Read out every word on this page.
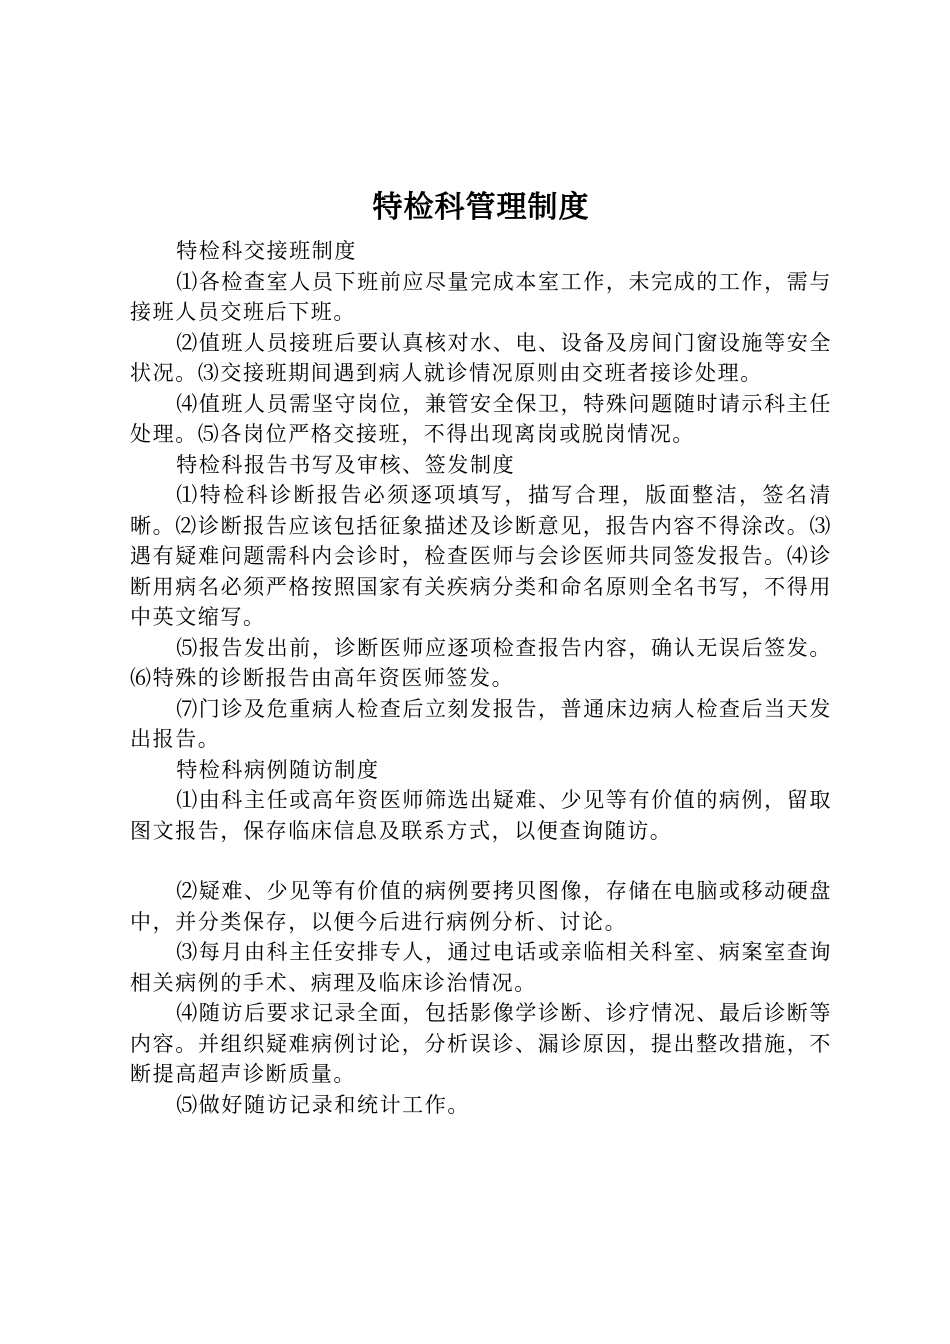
特检科管理制度

特检科交接班制度

⑴各检查室人员下班前应尽量完成本室工作，未完成的工作，需与接班人员交班后下班。

⑵值班人员接班后要认真核对水、电、设备及房间门窗设施等安全状况。⑶交接班期间遇到病人就诊情况原则由交班者接诊处理。

⑷值班人员需坚守岗位，兼管安全保卫，特殊问题随时请示科主任处理。⑸各岗位严格交接班，不得出现离岗或脱岗情况。

特检科报告书写及审核、签发制度

⑴特检科诊断报告必须逐项填写，描写合理，版面整洁，签名清晰。⑵诊断报告应该包括征象描述及诊断意见，报告内容不得涂改。⑶遇有疑难问题需科内会诊时，检查医师与会诊医师共同签发报告。⑷诊断用病名必须严格按照国家有关疾病分类和命名原则全名书写，不得用中英文缩写。

⑸报告发出前，诊断医师应逐项检查报告内容，确认无误后签发。⑹特殊的诊断报告由高年资医师签发。

⑺门诊及危重病人检查后立刻发报告，普通床边病人检查后当天发出报告。

特检科病例随访制度

⑴由科主任或高年资医师筛选出疑难、少见等有价值的病例，留取图文报告，保存临床信息及联系方式，以便查询随访。

⑵疑难、少见等有价值的病例要拷贝图像，存储在电脑或移动硬盘中，并分类保存，以便今后进行病例分析、讨论。

⑶每月由科主任安排专人，通过电话或亲临相关科室、病案室查询相关病例的手术、病理及临床诊治情况。

⑷随访后要求记录全面，包括影像学诊断、诊疗情况、最后诊断等内容。并组织疑难病例讨论，分析误诊、漏诊原因，提出整改措施，不断提高超声诊断质量。

⑸做好随访记录和统计工作。
